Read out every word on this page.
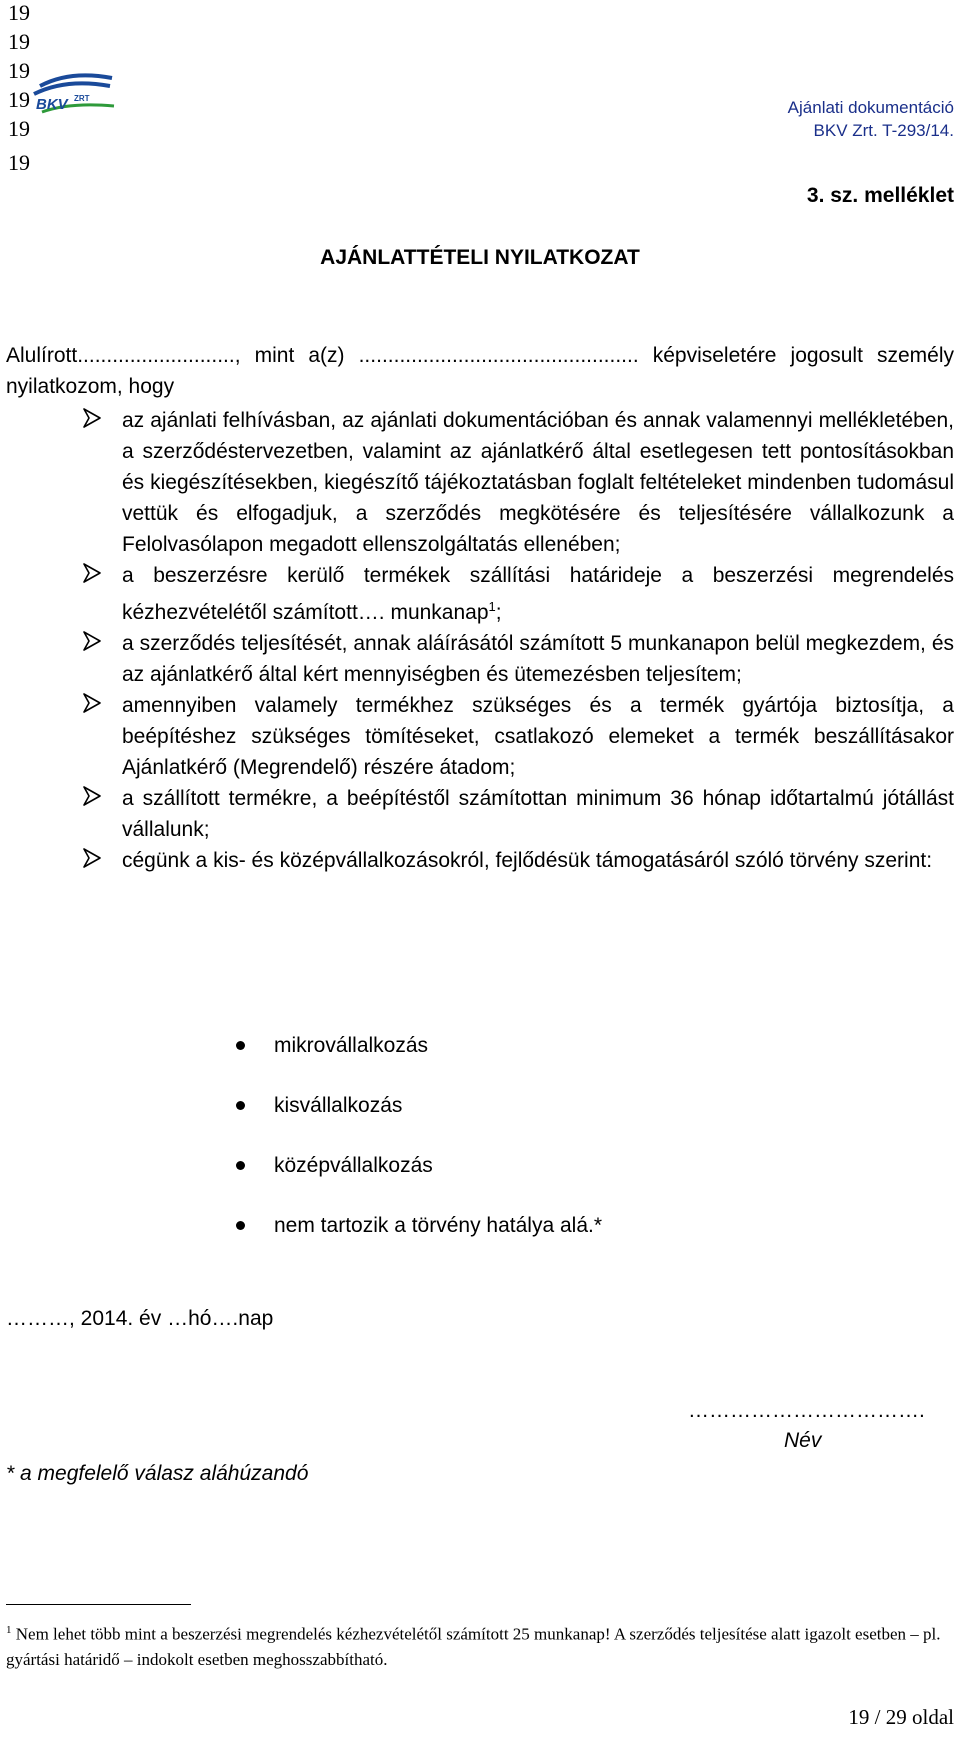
19
19
19
19
19
19
BKV ZRT	Ajánlati dokumentáció
BKV Zrt. T-293/14.
3. sz. melléklet
AJÁNLATTÉTELI NYILATKOZAT
Alulírott..........................., mint a(z) ................................................ képviseletére jogosult személy nyilatkozom, hogy
az ajánlati felhívásban, az ajánlati dokumentációban és annak valamennyi mellékletében, a szerződéstervezetben, valamint az ajánlatkérő által esetlegesen tett pontosításokban és kiegészítésekben, kiegészítő tájékoztatásban foglalt feltételeket mindenben tudomásul vettük és elfogadjuk, a szerződés megkötésére és teljesítésére vállalkozunk a Felolvasólapon megadott ellenszolgáltatás ellenében;
a beszerzésre kerülő termékek szállítási határideje a beszerzési megrendelés kézhezvételétől számított…. munkanap$^1$;
a szerződés teljesítését, annak aláírásától számított 5 munkanapon belül megkezdem, és az ajánlatkérő által kért mennyiségben és ütemezésben teljesítem;
amennyiben valamely termékhez szükséges és a termék gyártója biztosítja, a beépítéshez szükséges tömítéseket, csatlakozó elemeket a termék beszállításakor Ajánlatkérő (Megrendelő) részére átadom;
a szállított termékre, a beépítéstől számítottan minimum 36 hónap időtartalmú jótállást vállalunk;
cégünk a kis- és középvállalkozásokról, fejlődésük támogatásáról szóló törvény szerint:
mikrovállalkozás
kisvállalkozás
középvállalkozás
nem tartozik a törvény hatálya alá.*
………, 2014. év …hó….nap
…………………………….
Név
* a megfelelő válasz aláhúzandó
$^1$ Nem lehet több mint a beszerzési megrendelés kézhezvételétől számított 25 munkanap! A szerződés teljesítése alatt igazolt esetben – pl. gyártási határidő – indokolt esetben meghosszabbítható.
19 / 29 oldal
